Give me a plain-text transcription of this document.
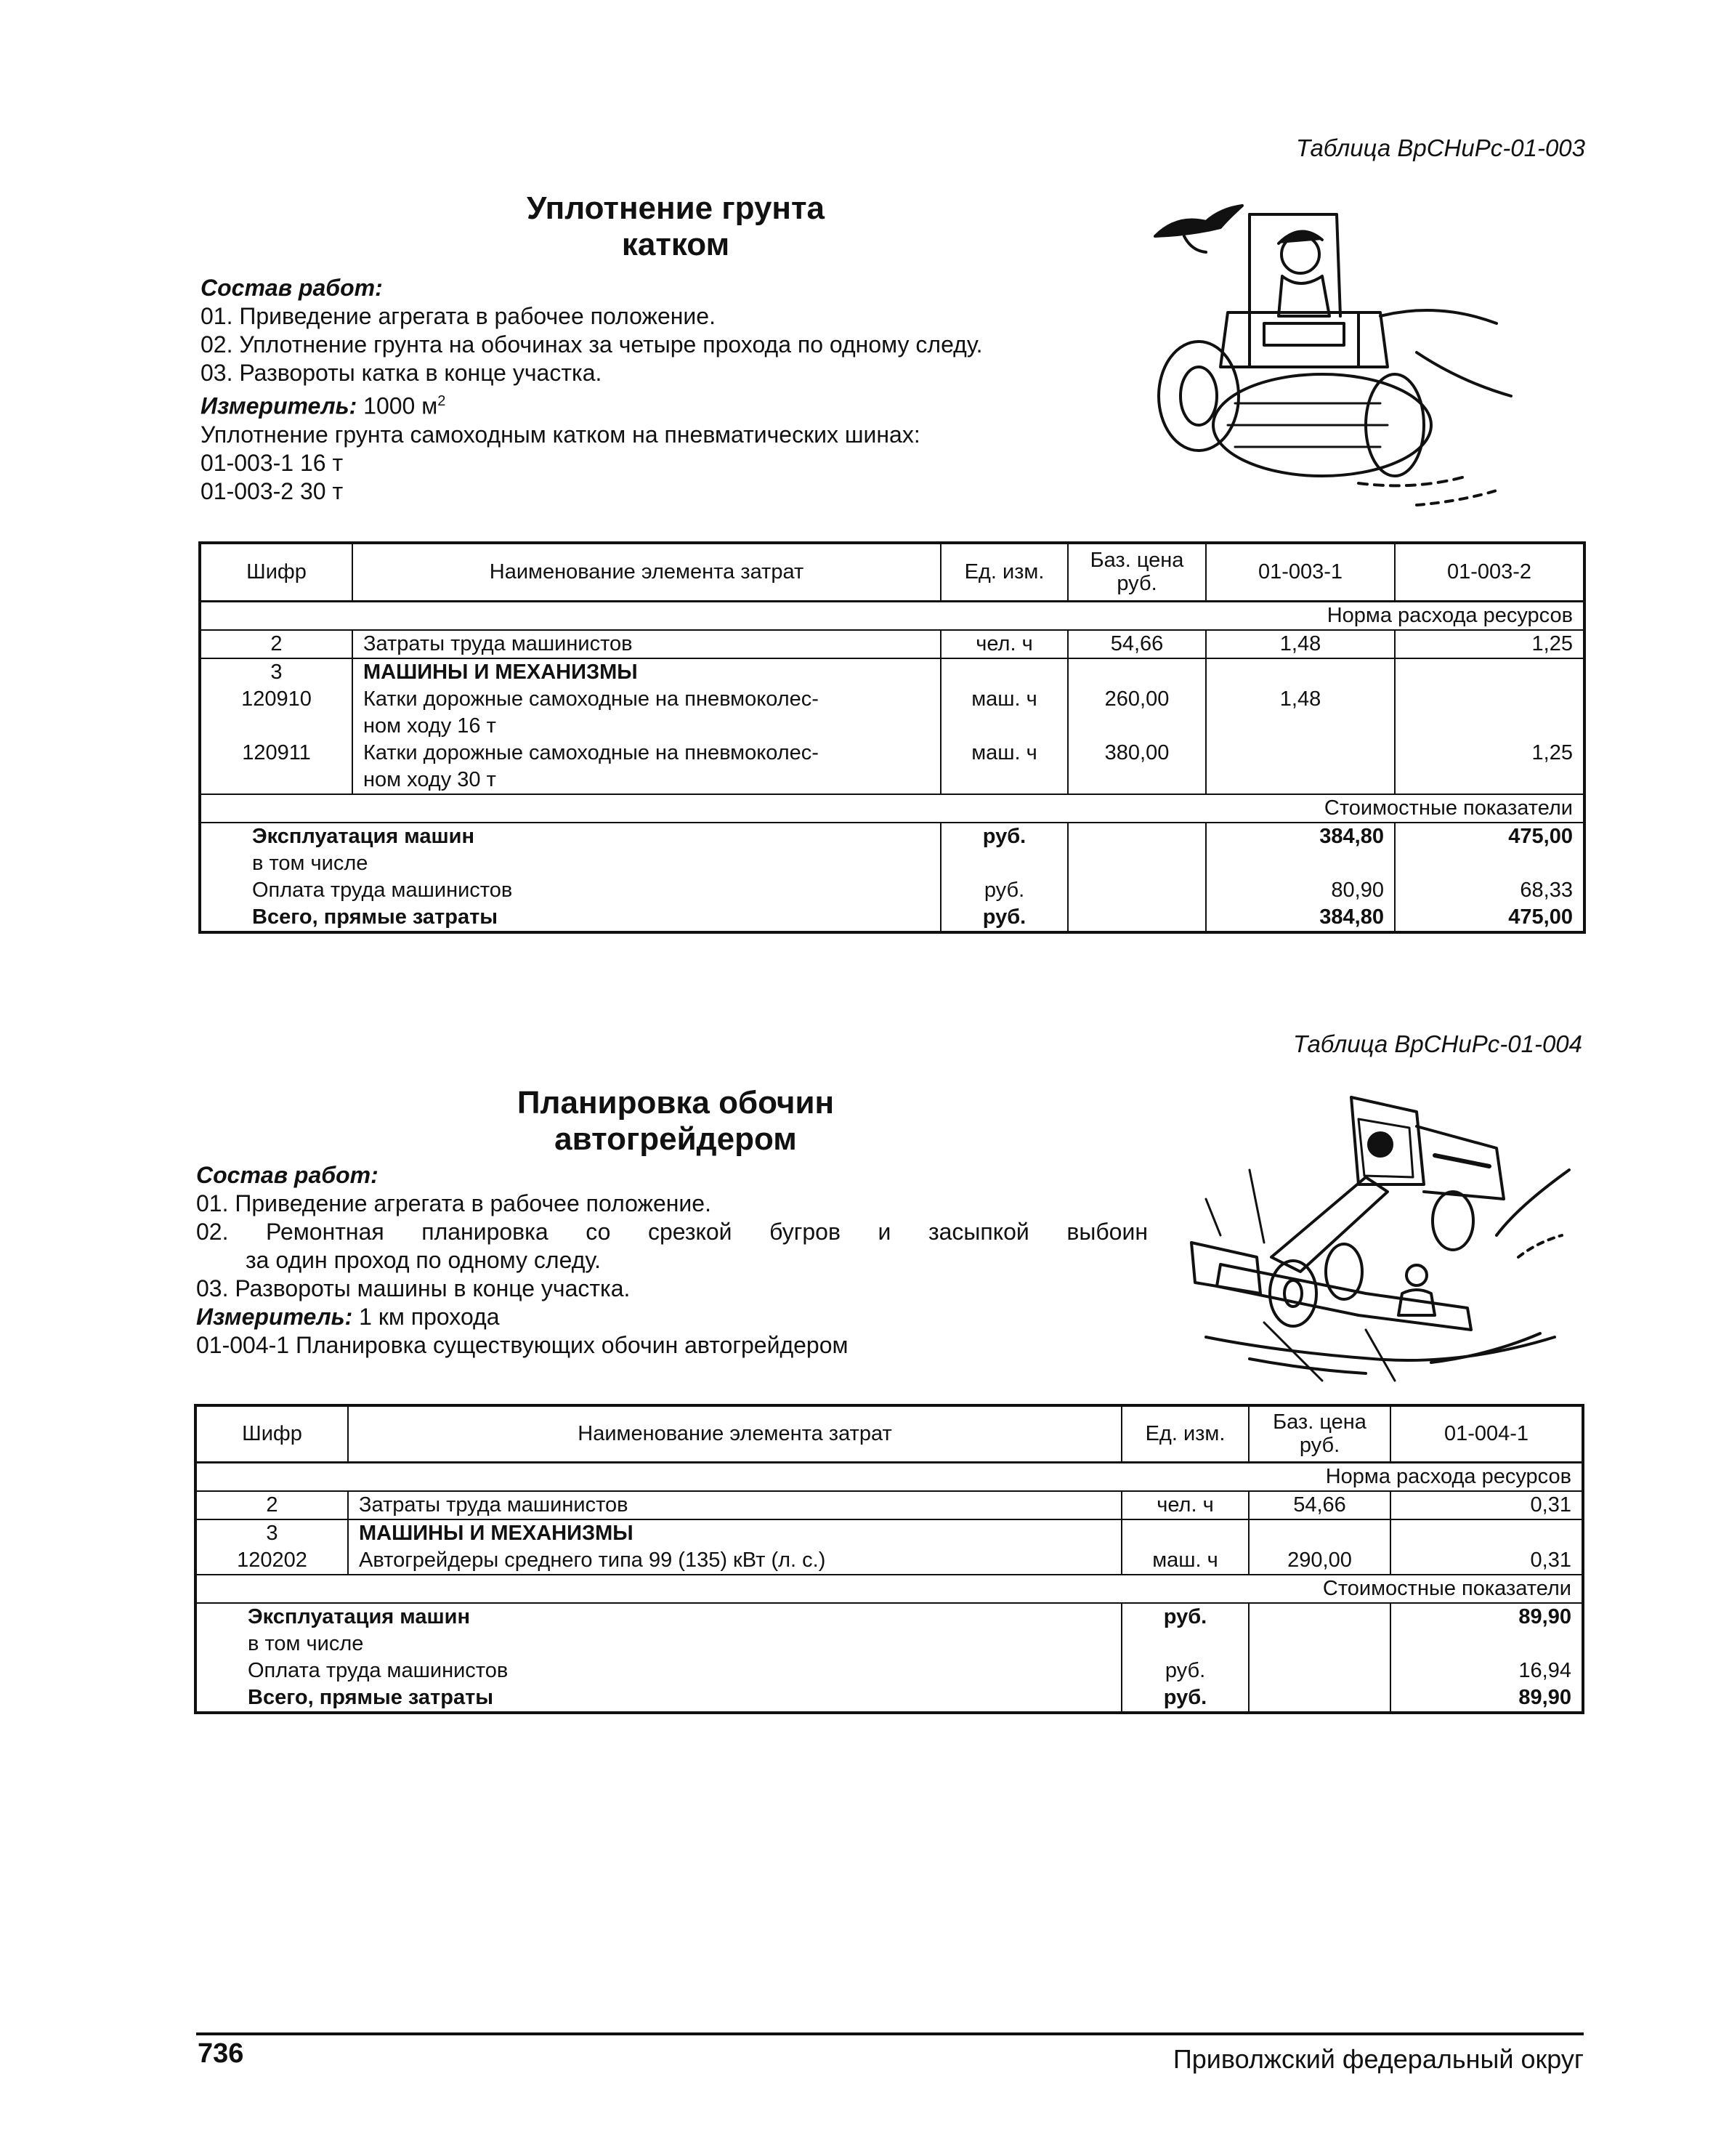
Таблица ВрСНиРс-01-003
Уплотнение грунта
катком

Состав работ:

01. Приведение агрегата в рабочее положение.

02. Уплотнение грунта на обочинах за четыре прохода по одному следу.

03. Развороты катка в конце участка.

Измеритель: 1000 $м^2$

Уплотнение грунта самоходным катком на пневматических шинах:

01-003-1 16 т

01-003-2 30 т

Шифр	Наименование элемента затрат	Ед. изм.	Баз. цена руб.	01-003-1	01-003-2
Норма расхода ресурсов					
2	Затраты труда машинистов	чел. ч	54,66	1,48	1,25
3	МАШИНЫ И МЕХАНИЗМЫ				
120910	Катки дорожные самоходные на пневмоколес-
ном ходу 16 т	маш. ч	260,00	1,48	
120911	Катки дорожные самоходные на пневмоколес-
ном ходу 30 т	маш. ч	380,00		1,25
Стоимостные показатели					
Эксплуатация машин		руб.		384,80	475,00
в том числе					
Оплата труда машинистов		руб.		80,90	68,33
Всего, прямые затраты		руб.		384,80	475,00
Таблица ВрСНиРс-01-004
Планировка обочин
автогрейдером

Состав работ:

01. Приведение агрегата в рабочее положение.

02. Ремонтная планировка со срезкой бугров и засыпкой выбоин

за один проход по одному следу.

03. Развороты машины в конце участка.

Измеритель: 1 км прохода

01-004-1 Планировка существующих обочин автогрейдером

Шифр	Наименование элемента затрат	Ед. изм.	Баз. цена руб.	01-004-1
Норма расхода ресурсов				
2	Затраты труда машинистов	чел. ч	54,66	0,31
3	МАШИНЫ И МЕХАНИЗМЫ			
120202	Автогрейдеры среднего типа 99 (135) кВт (л. с.)	маш. ч	290,00	0,31
Стоимостные показатели				
Эксплуатация машин		руб.		89,90
в том числе				
Оплата труда машинистов		руб.		16,94
Всего, прямые затраты		руб.		89,90
736	Приволжский федеральный округ
